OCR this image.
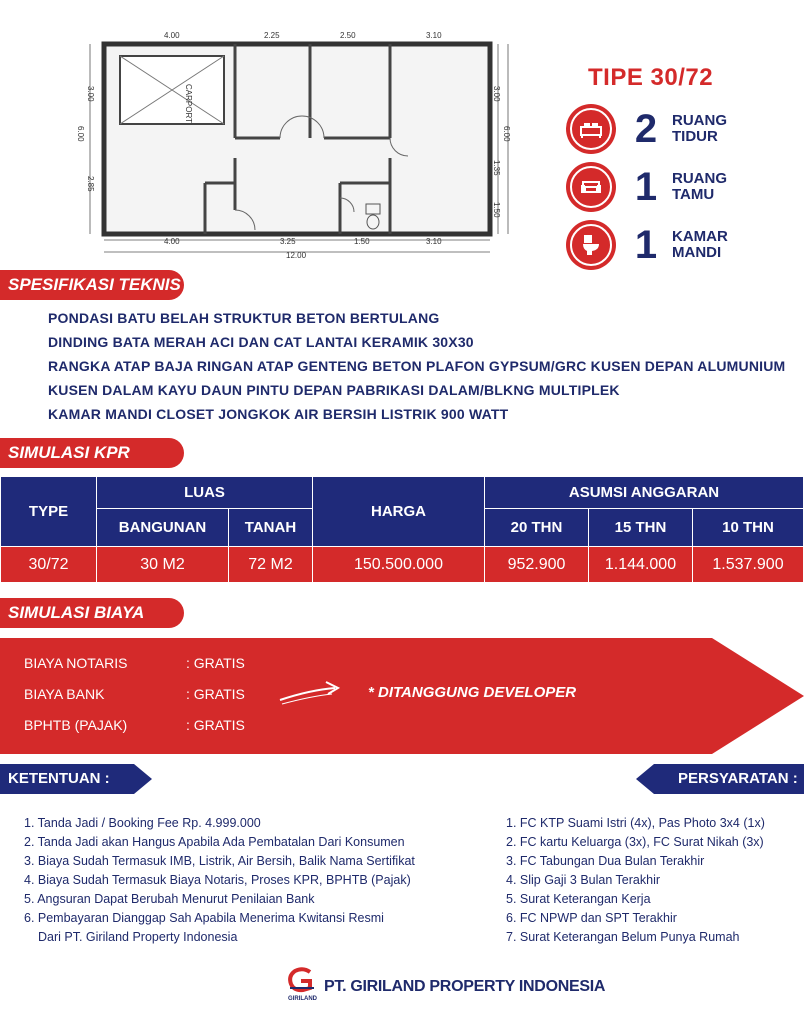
CARPORT
4.00	2.25	2.50	3.10
4.00	3.25	1.50	3.10
12.00
3.00
6.00
2.85
3.00
6.00
1.35
1.50
TIPE 30/72
2 RUANG
TIDUR
1 RUANG
TAMU
1 KAMAR
MANDI
SPESIFIKASI TEKNIS
PONDASI BATU BELAH STRUKTUR BETON BERTULANG
DINDING BATA MERAH ACI DAN CAT LANTAI KERAMIK 30X30
RANGKA ATAP BAJA RINGAN ATAP GENTENG BETON PLAFON GYPSUM/GRC KUSEN DEPAN ALUMUNIUM
KUSEN DALAM KAYU DAUN PINTU DEPAN PABRIKASI DALAM/BLKNG MULTIPLEK
KAMAR MANDI CLOSET JONGKOK AIR BERSIH LISTRIK 900 WATT
SIMULASI KPR
TYPE	LUAS		HARGA	ASUMSI ANGGARAN		
	BANGUNAN	TANAH		20 THN	15 THN	10 THN
30/72	30 M2	72 M2	150.500.000	952.900	1.144.000	1.537.900
SIMULASI BIAYA
BIAYA NOTARIS	: GRATIS
BIAYA BANK	: GRATIS
BPHTB (PAJAK)	: GRATIS
* DITANGGUNG DEVELOPER
KETENTUAN :	PERSYARATAN :
1. Tanda Jadi / Booking Fee Rp. 4.999.000
2. Tanda Jadi akan Hangus Apabila Ada Pembatalan Dari Konsumen
3. Biaya Sudah Termasuk IMB, Listrik, Air Bersih, Balik Nama Sertifikat
4. Biaya Sudah Termasuk Biaya Notaris, Proses KPR, BPHTB (Pajak)
5. Angsuran Dapat Berubah Menurut Penilaian Bank
6. Pembayaran Dianggap Sah Apabila Menerima Kwitansi Resmi
Dari PT. Giriland Property Indonesia
1. FC KTP Suami Istri (4x), Pas Photo 3x4 (1x)
2. FC kartu Keluarga (3x), FC Surat Nikah (3x)
3. FC Tabungan Dua Bulan Terakhir
4. Slip Gaji 3 Bulan Terakhir
5. Surat Keterangan Kerja
6. FC NPWP dan SPT Terakhir
7. Surat Keterangan Belum Punya Rumah
GIRILAND
PT. GIRILAND PROPERTY INDONESIA
